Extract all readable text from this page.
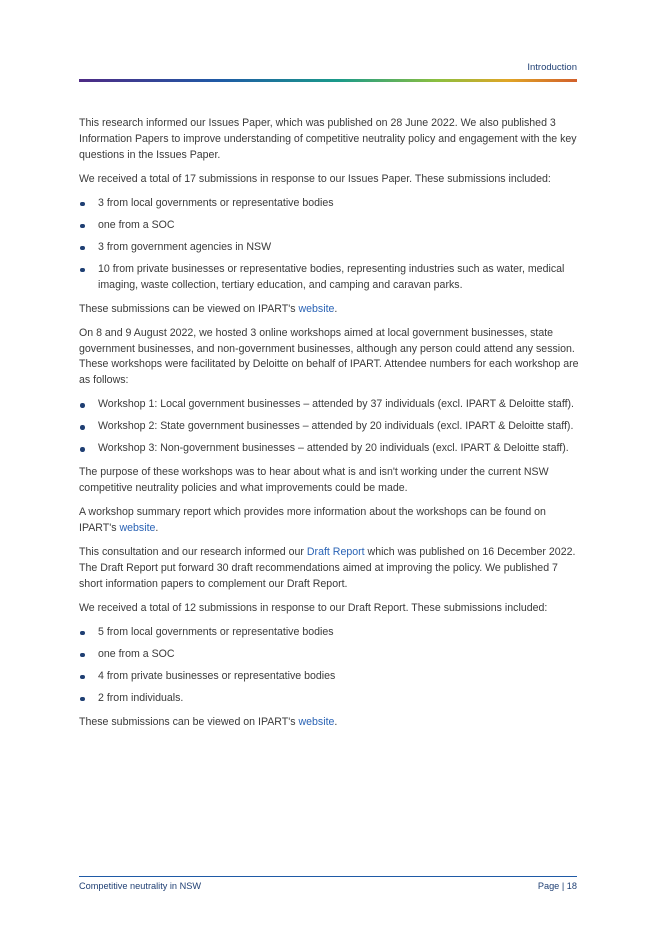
Introduction

This research informed our Issues Paper, which was published on 28 June 2022. We also published 3 Information Papers to improve understanding of competitive neutrality policy and engagement with the key questions in the Issues Paper.

We received a total of 17 submissions in response to our Issues Paper. These submissions included:

3 from local governments or representative bodies
one from a SOC
3 from government agencies in NSW
10 from private businesses or representative bodies, representing industries such as water, medical imaging, waste collection, tertiary education, and camping and caravan parks.

These submissions can be viewed on IPART's website.

On 8 and 9 August 2022, we hosted 3 online workshops aimed at local government businesses, state government businesses, and non-government businesses, although any person could attend any session. These workshops were facilitated by Deloitte on behalf of IPART. Attendee numbers for each workshop are as follows:

Workshop 1: Local government businesses – attended by 37 individuals (excl. IPART & Deloitte staff).
Workshop 2: State government businesses – attended by 20 individuals (excl. IPART & Deloitte staff).
Workshop 3: Non-government businesses – attended by 20 individuals (excl. IPART & Deloitte staff).

The purpose of these workshops was to hear about what is and isn't working under the current NSW competitive neutrality policies and what improvements could be made.

A workshop summary report which provides more information about the workshops can be found on IPART's website.

This consultation and our research informed our Draft Report which was published on 16 December 2022. The Draft Report put forward 30 draft recommendations aimed at improving the policy. We published 7 short information papers to complement our Draft Report.

We received a total of 12 submissions in response to our Draft Report. These submissions included:

5 from local governments or representative bodies
one from a SOC
4 from private businesses or representative bodies
2 from individuals.

These submissions can be viewed on IPART's website.

Competitive neutrality in NSW	Page | 18
